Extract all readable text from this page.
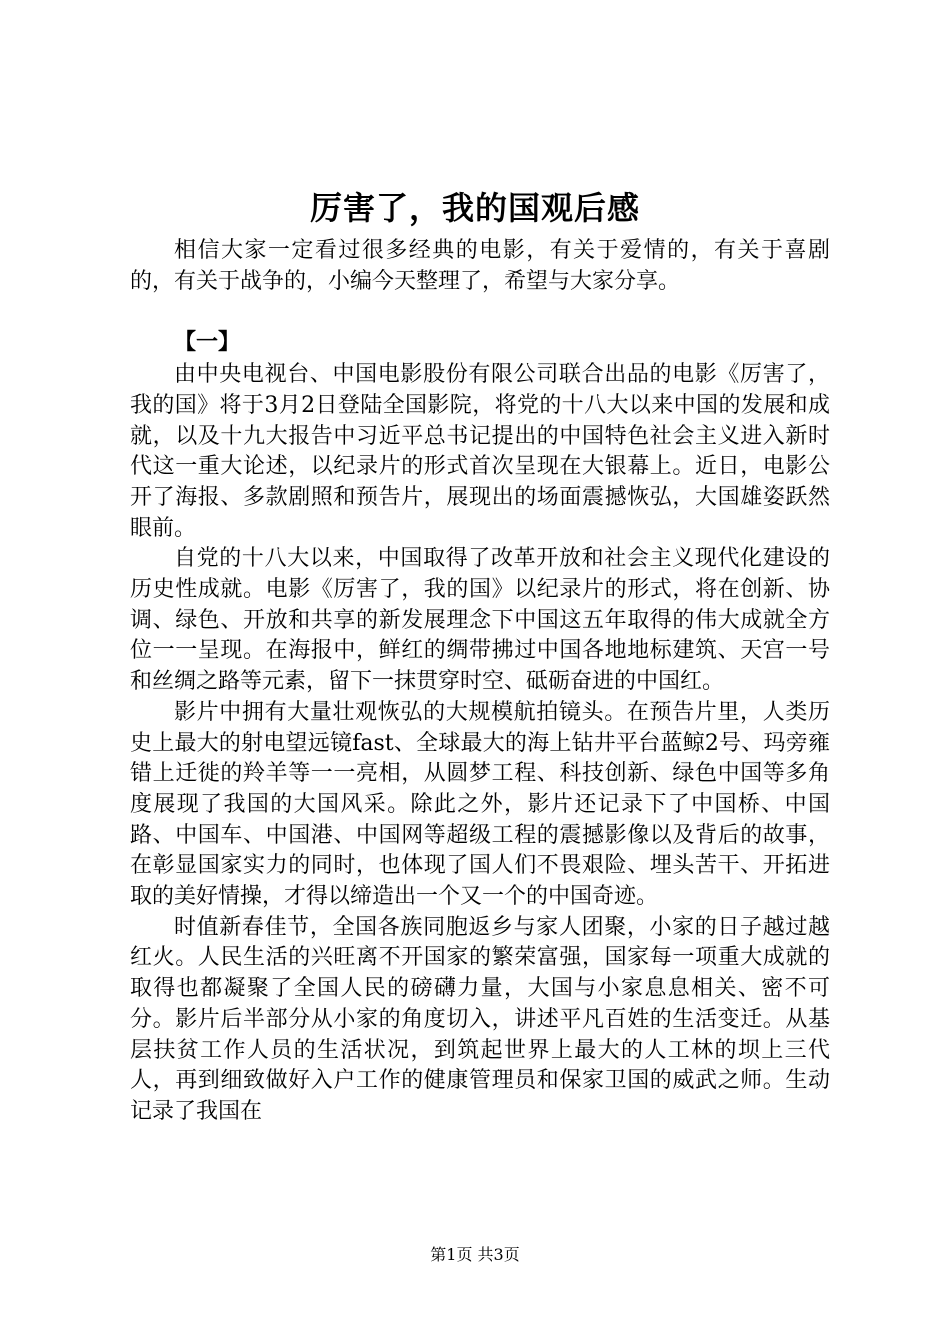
厉害了，我的国观后感

相信大家一定看过很多经典的电影，有关于爱情的，有关于喜剧的，有关于战争的，小编今天整理了，希望与大家分享。

【一】

由中央电视台、中国电影股份有限公司联合出品的电影《厉害了，我的国》将于3月2日登陆全国影院，将党的十八大以来中国的发展和成就，以及十九大报告中习近平总书记提出的中国特色社会主义进入新时代这一重大论述，以纪录片的形式首次呈现在大银幕上。近日，电影公开了海报、多款剧照和预告片，展现出的场面震撼恢弘，大国雄姿跃然眼前。

自党的十八大以来，中国取得了改革开放和社会主义现代化建设的历史性成就。电影《厉害了，我的国》以纪录片的形式，将在创新、协调、绿色、开放和共享的新发展理念下中国这五年取得的伟大成就全方位一一呈现。在海报中，鲜红的绸带拂过中国各地地标建筑、天宫一号和丝绸之路等元素，留下一抹贯穿时空、砥砺奋进的中国红。

影片中拥有大量壮观恢弘的大规模航拍镜头。在预告片里，人类历史上最大的射电望远镜fast、全球最大的海上钻井平台蓝鲸2号、玛旁雍错上迁徙的羚羊等一一亮相，从圆梦工程、科技创新、绿色中国等多角度展现了我国的大国风采。除此之外，影片还记录下了中国桥、中国路、中国车、中国港、中国网等超级工程的震撼影像以及背后的故事，在彰显国家实力的同时，也体现了国人们不畏艰险、埋头苦干、开拓进取的美好情操，才得以缔造出一个又一个的中国奇迹。

时值新春佳节，全国各族同胞返乡与家人团聚，小家的日子越过越红火。人民生活的兴旺离不开国家的繁荣富强，国家每一项重大成就的取得也都凝聚了全国人民的磅礴力量，大国与小家息息相关、密不可分。影片后半部分从小家的角度切入，讲述平凡百姓的生活变迁。从基层扶贫工作人员的生活状况，到筑起世界上最大的人工林的坝上三代人，再到细致做好入户工作的健康管理员和保家卫国的威武之师。生动记录了我国在

第1页 共3页
